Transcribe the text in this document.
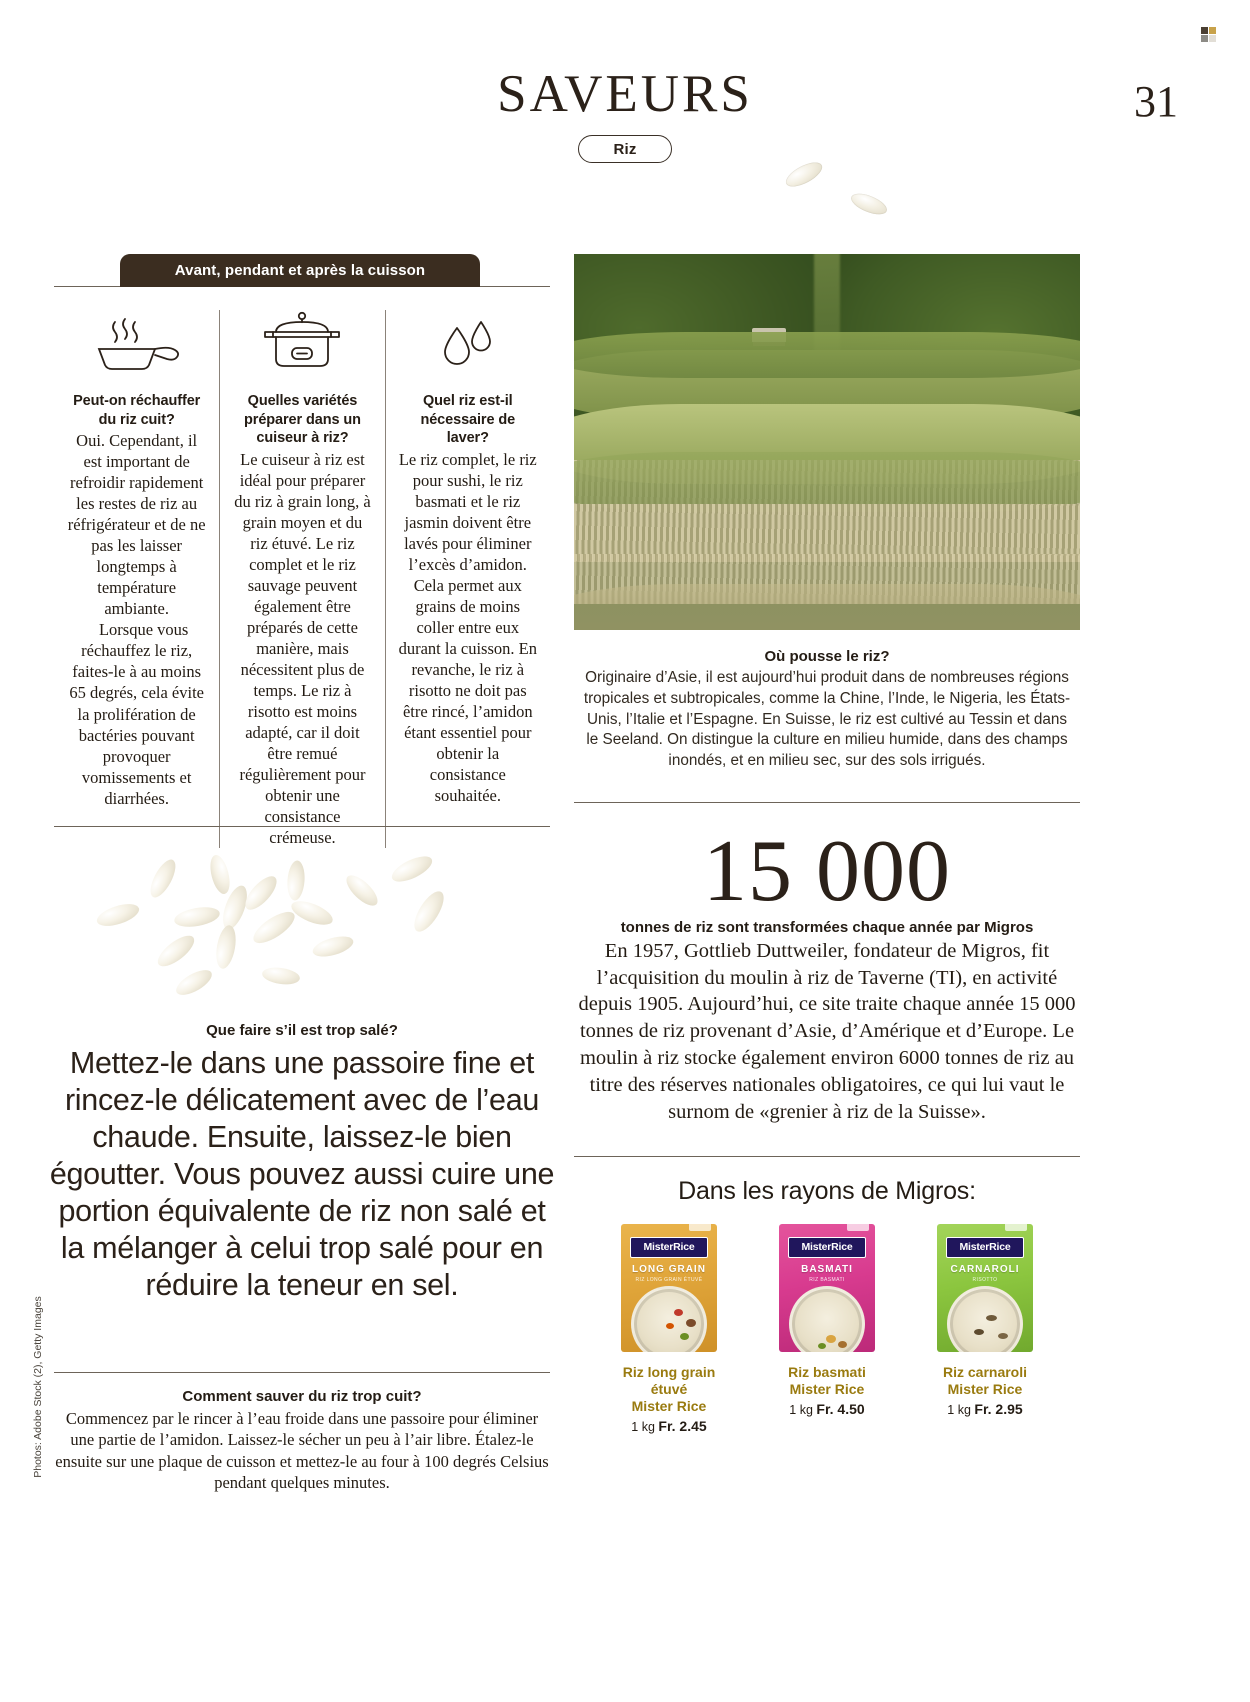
SAVEURS
Riz
31
Avant, pendant et après la cuisson
Peut-on réchauffer du riz cuit?

Oui. Cependant, il est important de refroidir rapidement les restes de riz au réfrigérateur et de ne pas les laisser longtemps à température ambiante.

Lorsque vous réchauffez le riz, faites-le à au moins 65 degrés, cela évite la prolifération de bactéries pouvant provoquer vomissements et diarrhées.

Quelles variétés préparer dans un cuiseur à riz?

Le cuiseur à riz est idéal pour préparer du riz à grain long, à grain moyen et du riz étuvé. Le riz complet et le riz sauvage peuvent également être préparés de cette manière, mais nécessitent plus de temps. Le riz à risotto est moins adapté, car il doit être remué régulièrement pour obtenir une consistance crémeuse.

Quel riz est-il nécessaire de laver?

Le riz complet, le riz pour sushi, le riz basmati et le riz jasmin doivent être lavés pour éliminer l’excès d’amidon. Cela permet aux grains de moins coller entre eux durant la cuisson. En revanche, le riz à risotto ne doit pas être rincé, l’amidon étant essentiel pour obtenir la consistance souhaitée.

Que faire s’il est trop salé?
Mettez-le dans une passoire fine et rincez-le délicatement avec de l’eau chaude. Ensuite, laissez-le bien égoutter. Vous pouvez aussi cuire une portion équivalente de riz non salé et la mélanger à celui trop salé pour en réduire la teneur en sel.
Comment sauver du riz trop cuit?
Commencez par le rincer à l’eau froide dans une passoire pour éliminer une partie de l’amidon. Laissez-le sécher un peu à l’air libre. Étalez-le ensuite sur une plaque de cuisson et mettez-le au four à 100 degrés Celsius pendant quelques minutes.
Photos: Adobe Stock (2), Getty Images
Où pousse le riz?
Originaire d’Asie, il est aujourd’hui produit dans de nombreuses régions tropicales et subtropicales, comme la Chine, l’Inde, le Nigeria, les États-Unis, l’Italie et l’Espagne. En Suisse, le riz est cultivé au Tessin et dans le Seeland. On distingue la culture en milieu humide, dans des champs inondés, et en milieu sec, sur des sols irrigués.
15 000
tonnes de riz sont transformées chaque année par Migros
En 1957, Gottlieb Duttweiler, fondateur de Migros, fit l’acquisition du moulin à riz de Taverne (TI), en activité depuis 1905. Aujourd’hui, ce site traite chaque année 15 000 tonnes de riz provenant d’Asie, d’Amérique et d’Europe. Le moulin à riz stocke également environ 6000 tonnes de riz au titre des réserves nationales obligatoires, ce qui lui vaut le surnom de «grenier à riz de la Suisse».
Dans les rayons de Migros:
MisterRice
LONG GRAIN
RIZ LONG GRAIN ÉTUVÉ
Riz long grain étuvé
Mister Rice
1 kg Fr. 2.45
MisterRice
BASMATI
RIZ BASMATI
Riz basmati
Mister Rice
1 kg Fr. 4.50
MisterRice
CARNAROLI
RISOTTO
Riz carnaroli
Mister Rice
1 kg Fr. 2.95
